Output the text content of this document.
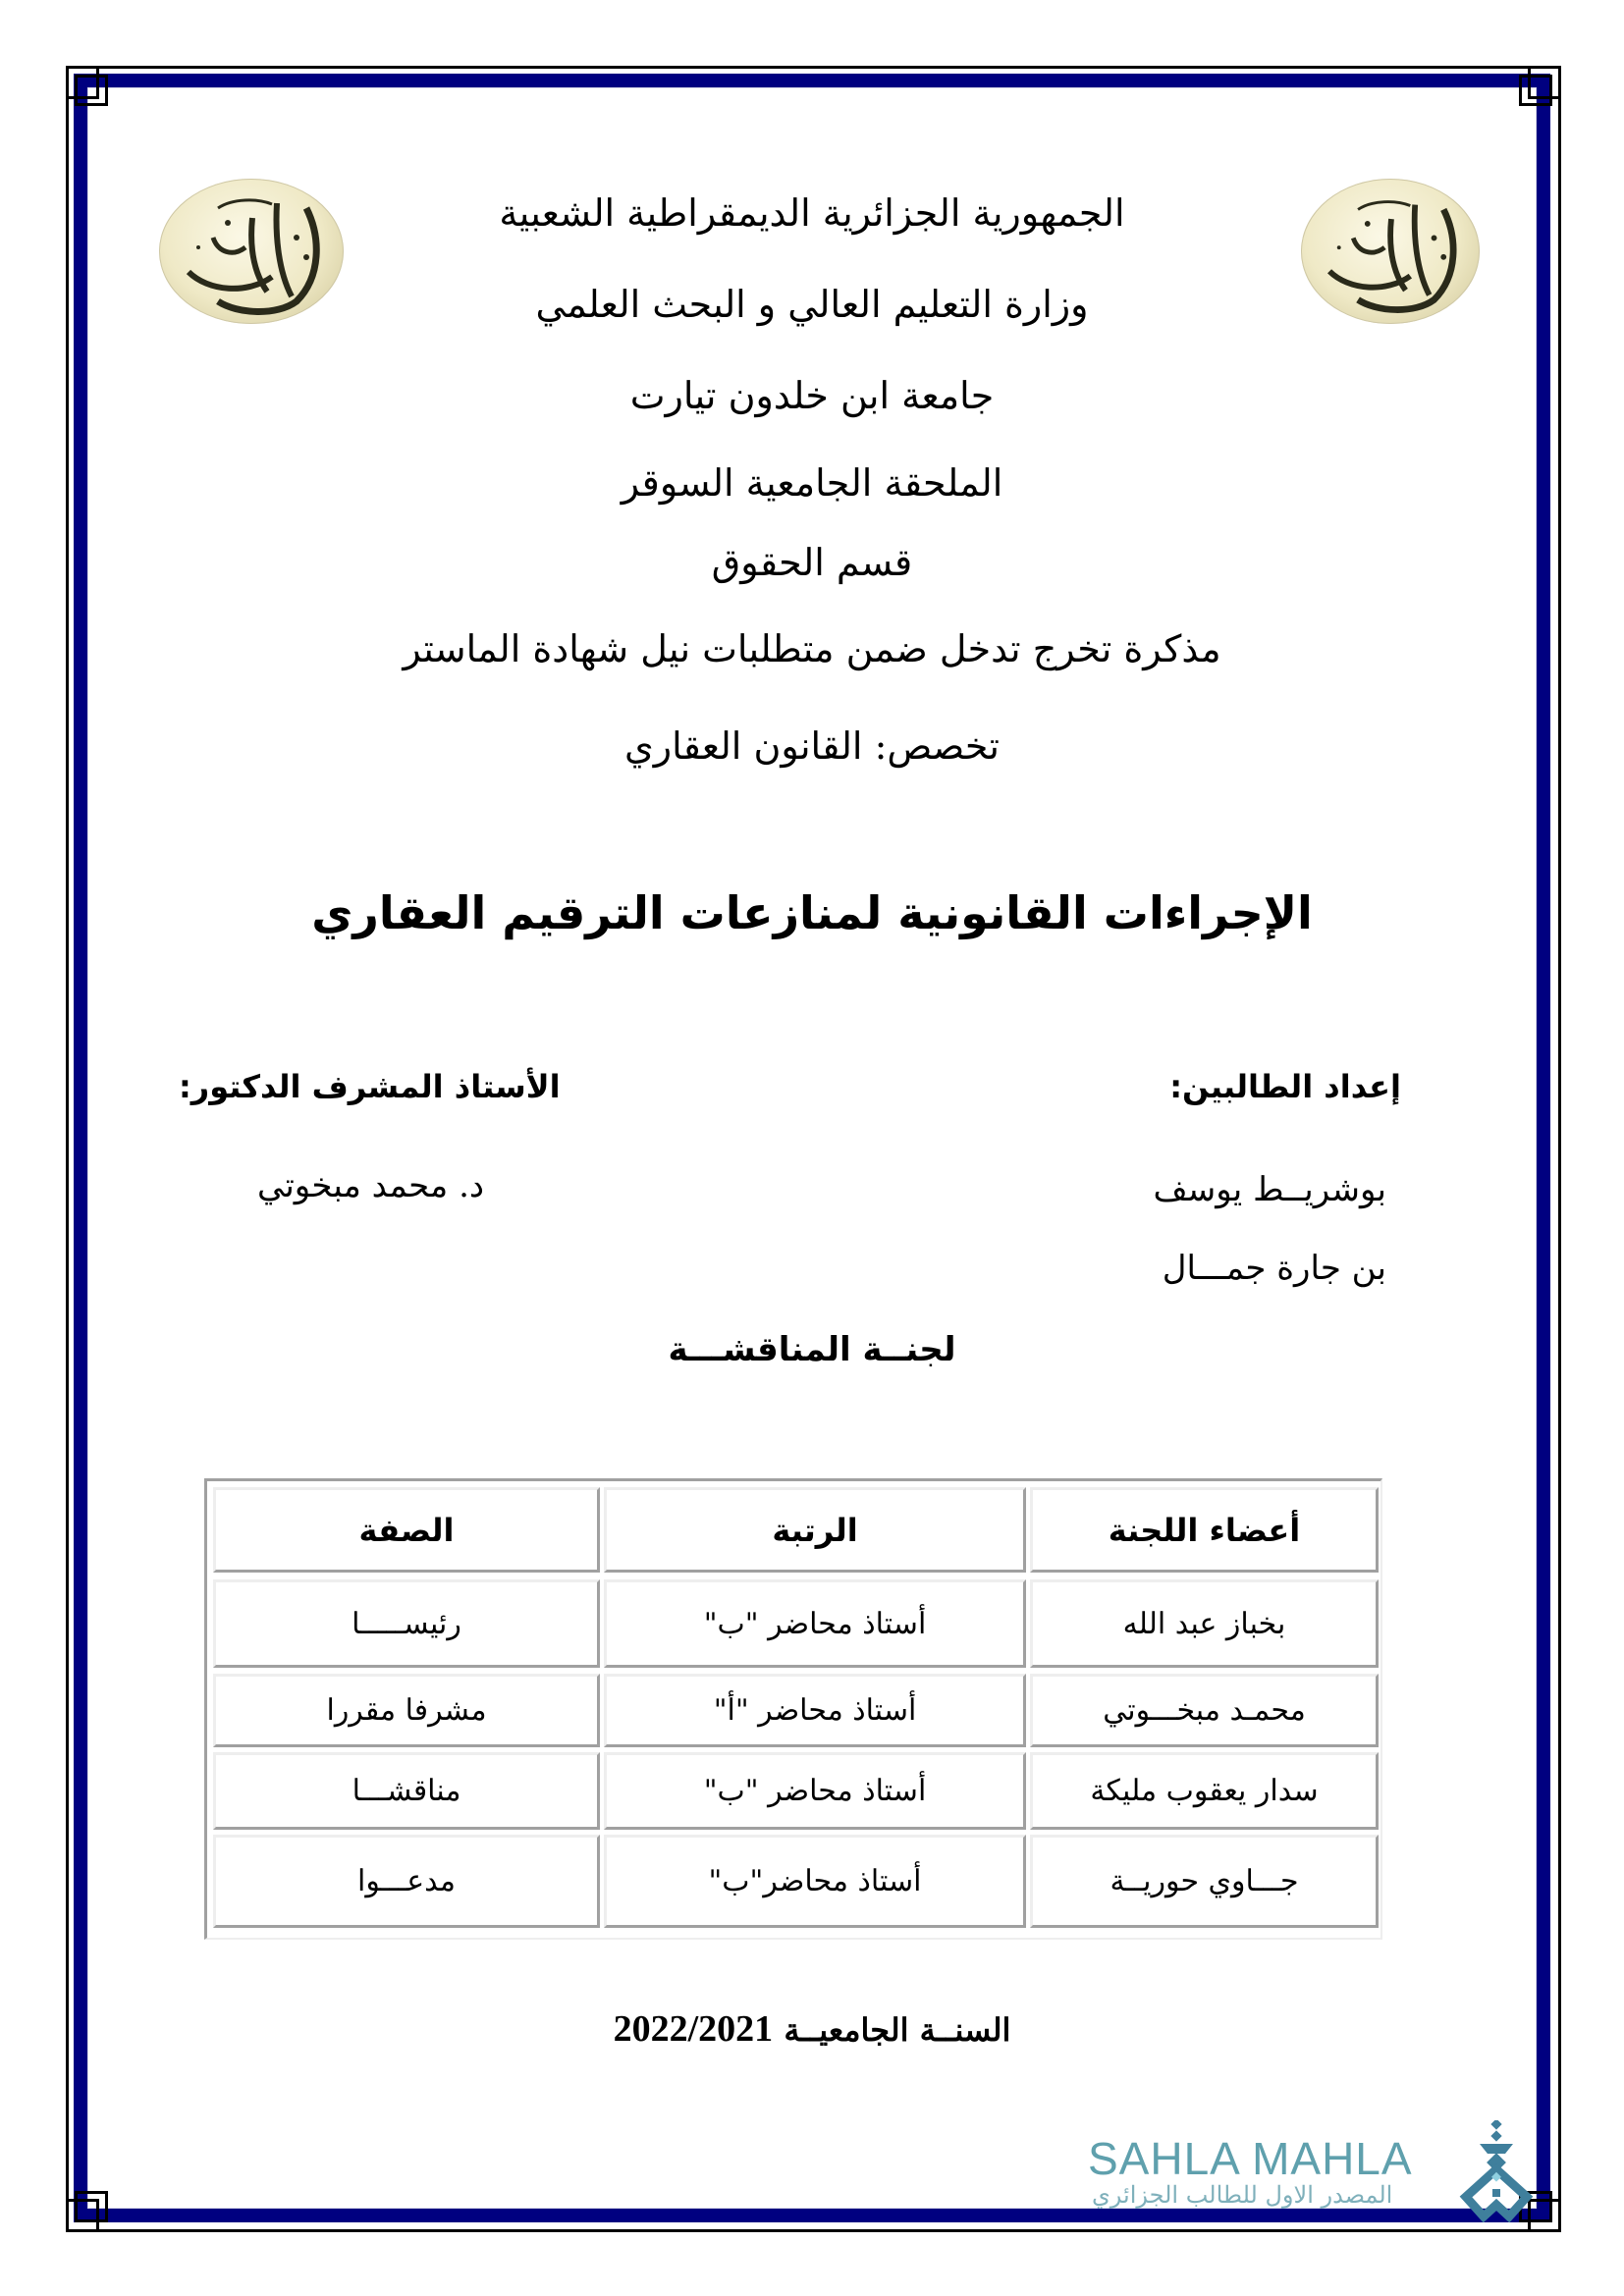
الجمهورية الجزائرية الديمقراطية الشعبية
وزارة التعليم العالي و البحث العلمي
جامعة ابن خلدون تيارت
الملحقة الجامعية السوقر
قسم الحقوق
مذكرة تخرج تدخل ضمن متطلبات نيل شهادة الماستر
تخصص: القانون العقاري
الإجراءات القانونية لمنازعات الترقيم العقاري
إعداد الطالبين:
بوشريــط يوسف
بن جارة جمـــال
الأستاذ المشرف الدكتور:
د. محمد مبخوتي
لجنــة المناقشـــة
أعضاء اللجنة
الرتبة
الصفة
بخباز عبد الله
أستاذ محاضر "ب"
رئيســـــا
محمـد مبخـــوتي
أستاذ محاضر "أ"
مشرفا مقررا
سدار يعقوب مليكة
أستاذ محاضر "ب"
مناقشـــا
جـــاوي حوريــة
أستاذ محاضر"ب"
مدعـــوا
السنــة الجامعيــة 2022/2021
SAHLA MAHLA
المصدر الاول للطالب الجزائري
